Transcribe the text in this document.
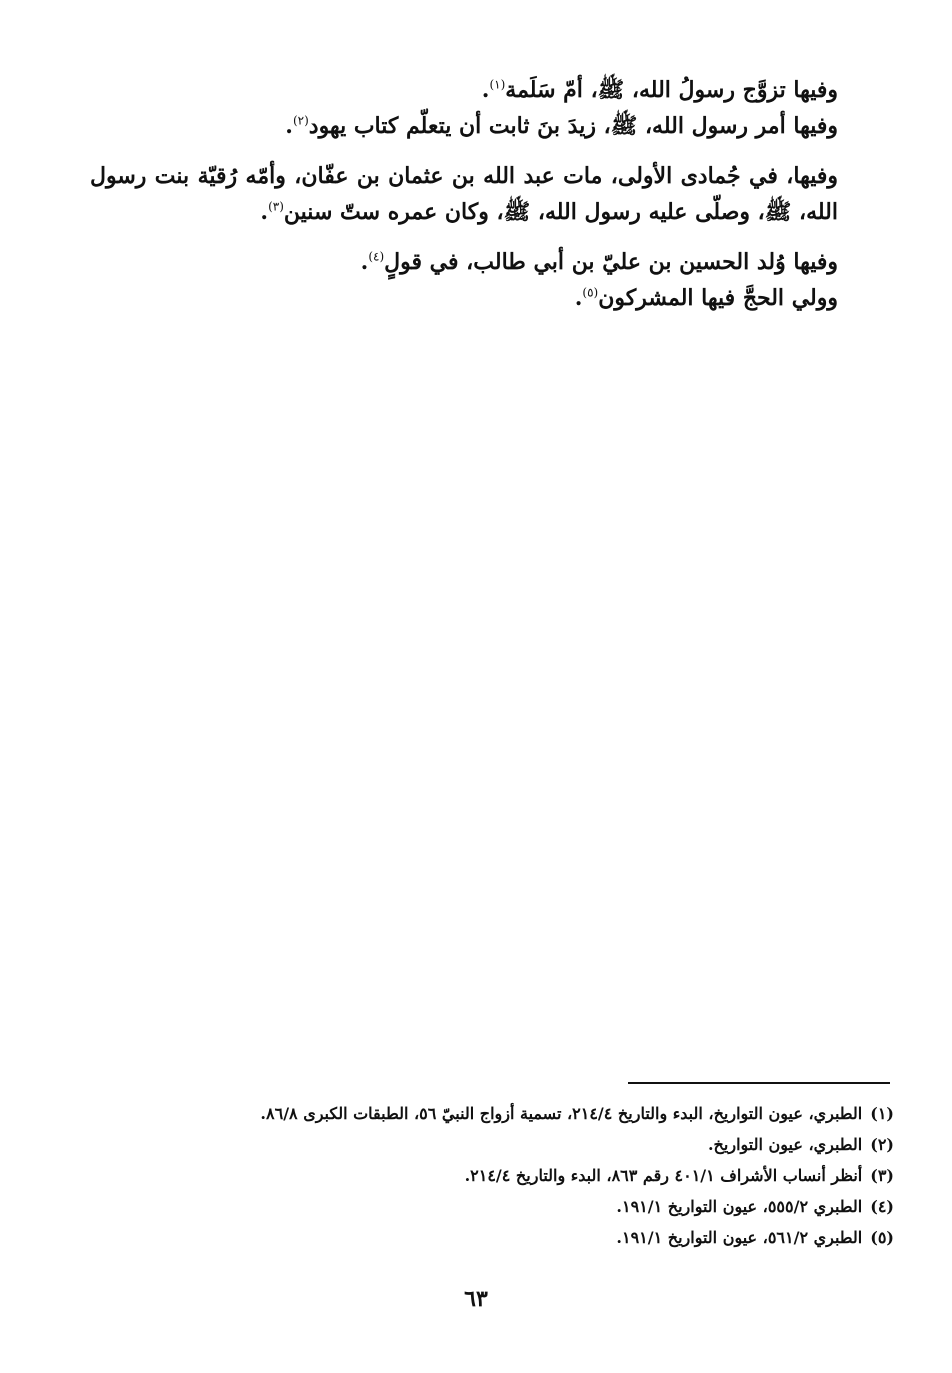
وفيها تزوَّج رسولُ الله، ﷺ، أمّ سَلَمة$^{(١)}$.

وفيها أمر رسول الله، ﷺ، زيدَ بنَ ثابت أن يتعلّم كتاب يهود$^{(٢)}$.

وفيها، في جُمادى الأولى، مات عبد الله بن عثمان بن عفّان، وأمّه رُقيّة بنت رسول الله، ﷺ، وصلّى عليه رسول الله، ﷺ، وكان عمره ستّ سنين$^{(٣)}$.

وفيها وُلد الحسين بن عليّ بن أبي طالب، في قولٍ$^{(٤)}$.

وولي الحجَّ فيها المشركون$^{(٥)}$.

(١)الطبري، عيون التواريخ، البدء والتاريخ ٢١٤/٤، تسمية أزواج النبيّ ٥٦، الطبقات الكبرى ٨٦/٨.

(٢)الطبري، عيون التواريخ.

(٣)أنظر أنساب الأشراف ٤٠١/١ رقم ٨٦٣، البدء والتاريخ ٢١٤/٤.

(٤)الطبري ٥٥٥/٢، عيون التواريخ ١٩١/١.

(٥)الطبري ٥٦١/٢، عيون التواريخ ١٩١/١.

٦٣
